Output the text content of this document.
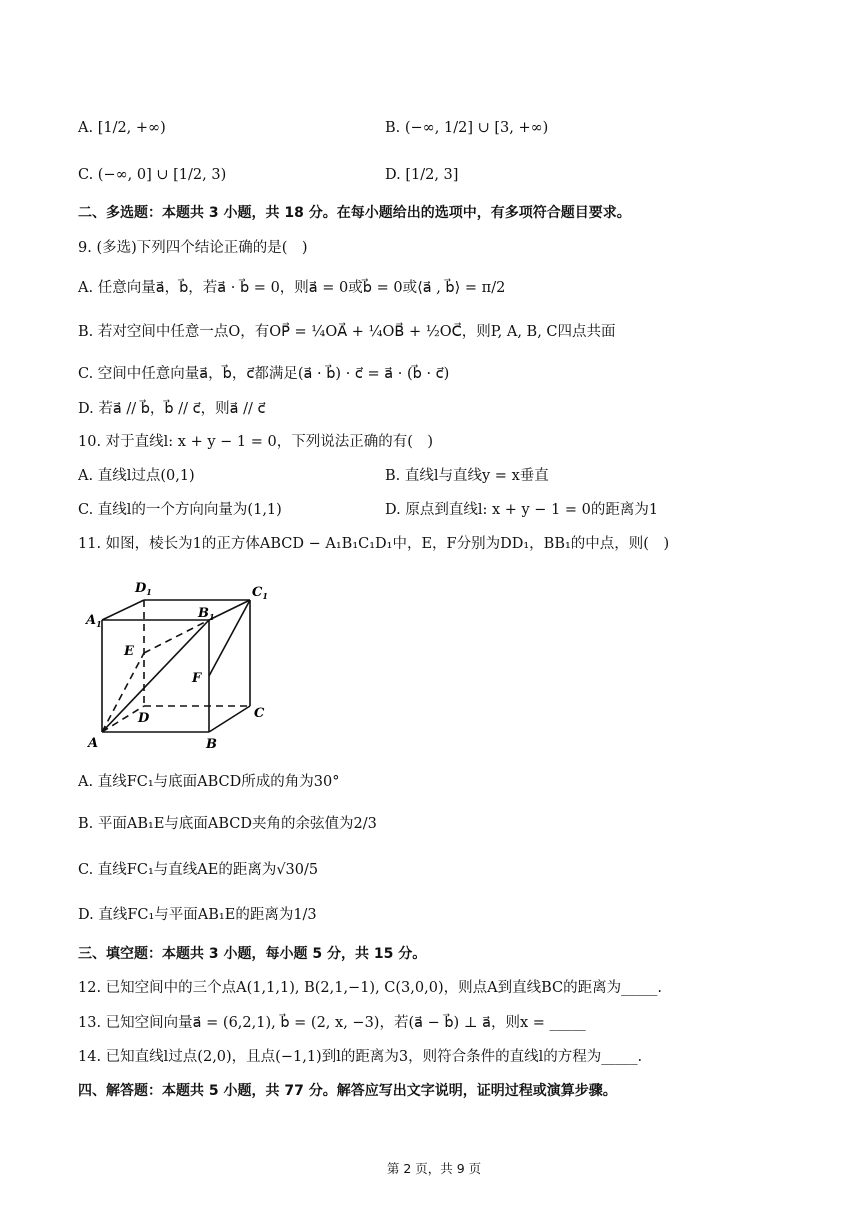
A. [1/2, +∞)	B. (−∞, 1/2] ∪ [3, +∞)
C. (−∞, 0] ∪ [1/2, 3)	D. [1/2, 3]
二、多选题：本题共 3 小题，共 18 分。在每小题给出的选项中，有多项符合题目要求。
9. (多选)下列四个结论正确的是(　)
A. 任意向量a⃗，b⃗，若a⃗ · b⃗ = 0，则a⃗ = 0或b⃗ = 0或⟨a⃗ , b⃗⟩ = π/2
B. 若对空间中任意一点O，有OP⃗ = ¼OA⃗ + ¼OB⃗ + ½OC⃗，则P, A, B, C四点共面
C. 空间中任意向量a⃗，b⃗，c⃗都满足(a⃗ · b⃗) · c⃗ = a⃗ · (b⃗ · c⃗)
D. 若a⃗ // b⃗，b⃗ // c⃗，则a⃗ // c⃗
10. 对于直线l: x + y − 1 = 0，下列说法正确的有(　)
A. 直线l过点(0,1)	B. 直线l与直线y = x垂直
C. 直线l的一个方向向量为(1,1)	D. 原点到直线l: x + y − 1 = 0的距离为1
11. 如图，棱长为1的正方体ABCD − A₁B₁C₁D₁中，E，F分别为DD₁，BB₁的中点，则(　)
A	B
C
D
$A_1$
$B_1$
$C_1$
$D_1$
E
F
A. 直线FC₁与底面ABCD所成的角为30°
B. 平面AB₁E与底面ABCD夹角的余弦值为2/3
C. 直线FC₁与直线AE的距离为√30/5
D. 直线FC₁与平面AB₁E的距离为1/3
三、填空题：本题共 3 小题，每小题 5 分，共 15 分。
12. 已知空间中的三个点A(1,1,1), B(2,1,−1), C(3,0,0)，则点A到直线BC的距离为_____.
13. 已知空间向量a⃗ = (6,2,1), b⃗ = (2, x, −3)，若(a⃗ − b⃗) ⊥ a⃗，则x = _____
14. 已知直线l过点(2,0)，且点(−1,1)到l的距离为3，则符合条件的直线l的方程为_____.
四、解答题：本题共 5 小题，共 77 分。解答应写出文字说明，证明过程或演算步骤。
第 2 页，共 9 页
